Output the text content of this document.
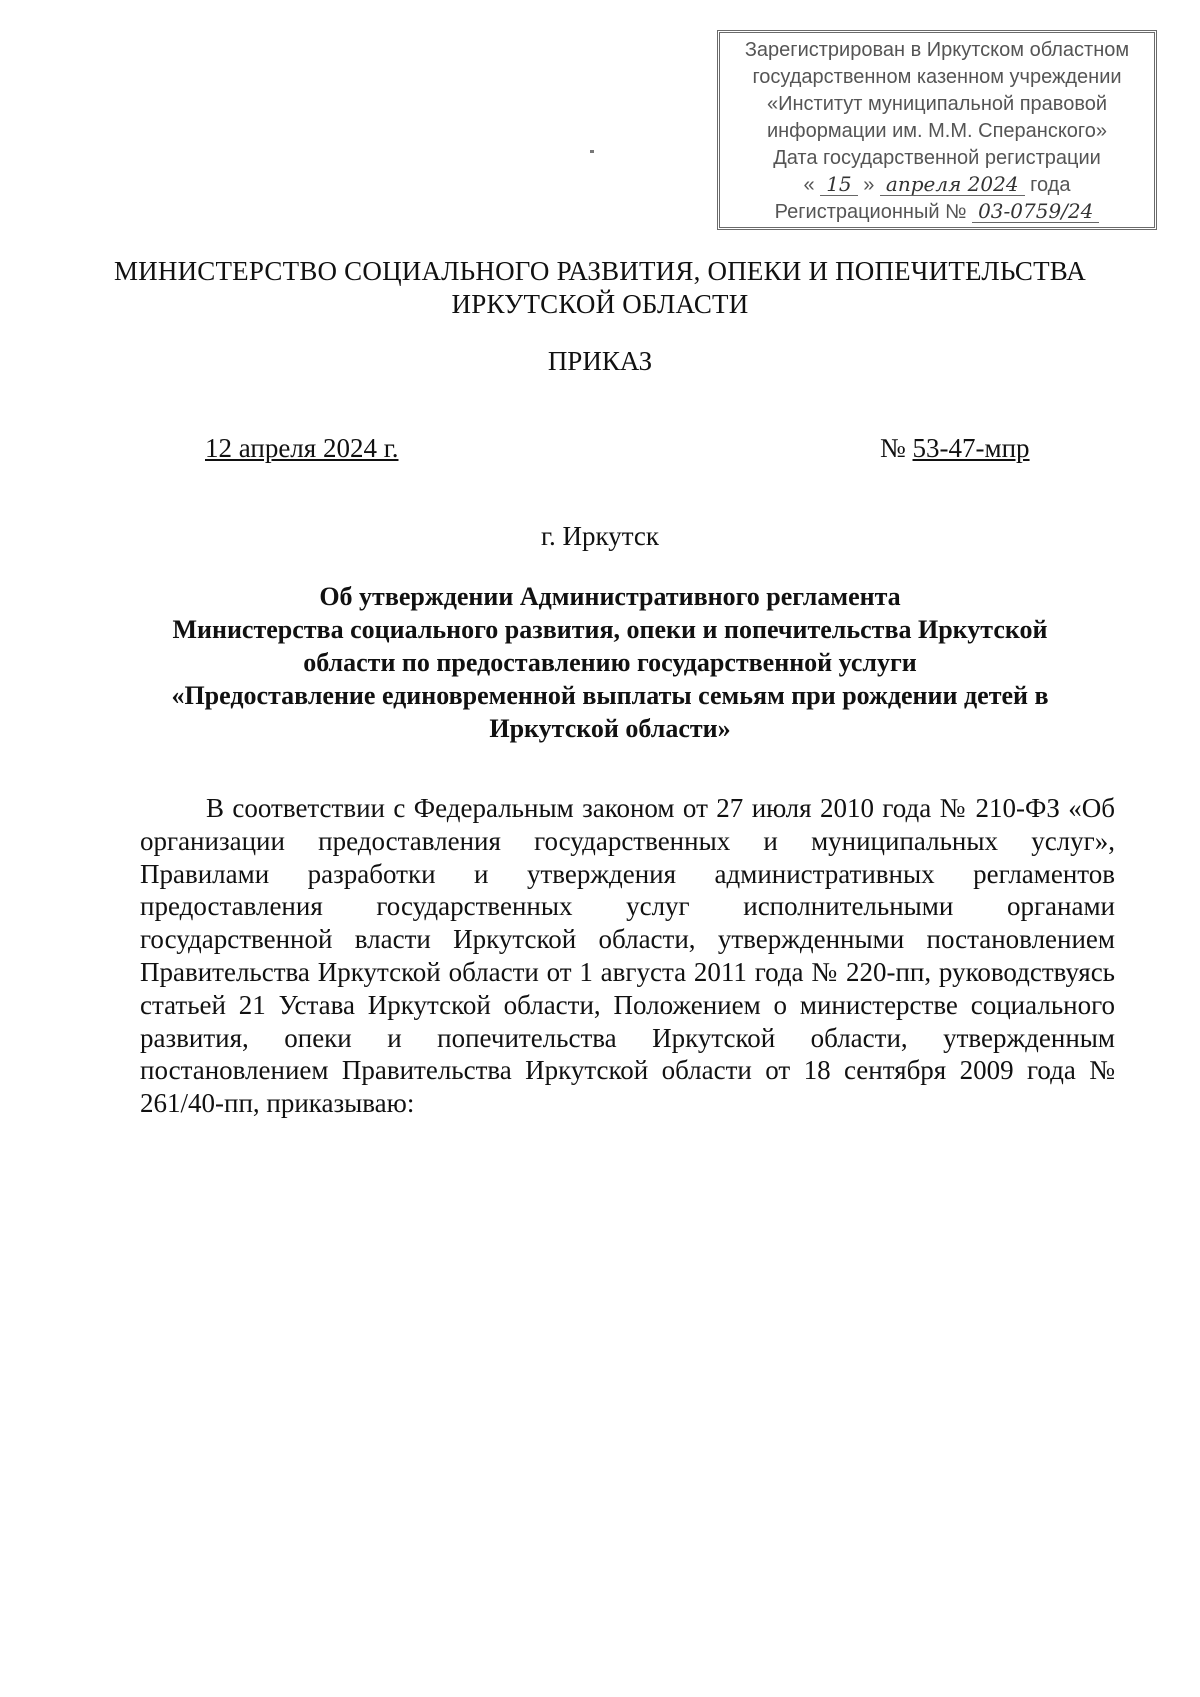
Зарегистрирован в Иркутском областном
государственном казенном учреждении
«Институт муниципальной правовой
информации им. М.М. Сперанского»
Дата государственной регистрации
« 15 » апреля 2024 года
Регистрационный № 03-0759/24
МИНИСТЕРСТВО СОЦИАЛЬНОГО РАЗВИТИЯ, ОПЕКИ И ПОПЕЧИТЕЛЬСТВА
ИРКУТСКОЙ ОБЛАСТИ
ПРИКАЗ
12 апреля 2024 г.	№ 53-47-мпр
г. Иркутск
Об утверждении Административного регламента
Министерства социального развития, опеки и попечительства Иркутской
области по предоставлению государственной услуги
«Предоставление единовременной выплаты семьям при рождении детей в
Иркутской области»

В соответствии с Федеральным законом от 27 июля 2010 года № 210-ФЗ «Об организации предоставления государственных и муниципальных услуг», Правилами разработки и утверждения административных регламентов предоставления государственных услуг исполнительными органами государственной власти Иркутской области, утвержденными постановлением Правительства Иркутской области от 1 августа 2011 года № 220-пп, руководствуясь статьей 21 Устава Иркутской области, Положением о министерстве социального развития, опеки и попечительства Иркутской области, утвержденным постановлением Правительства Иркутской области от 18 сентября 2009 года № 261/40-пп, приказываю:
